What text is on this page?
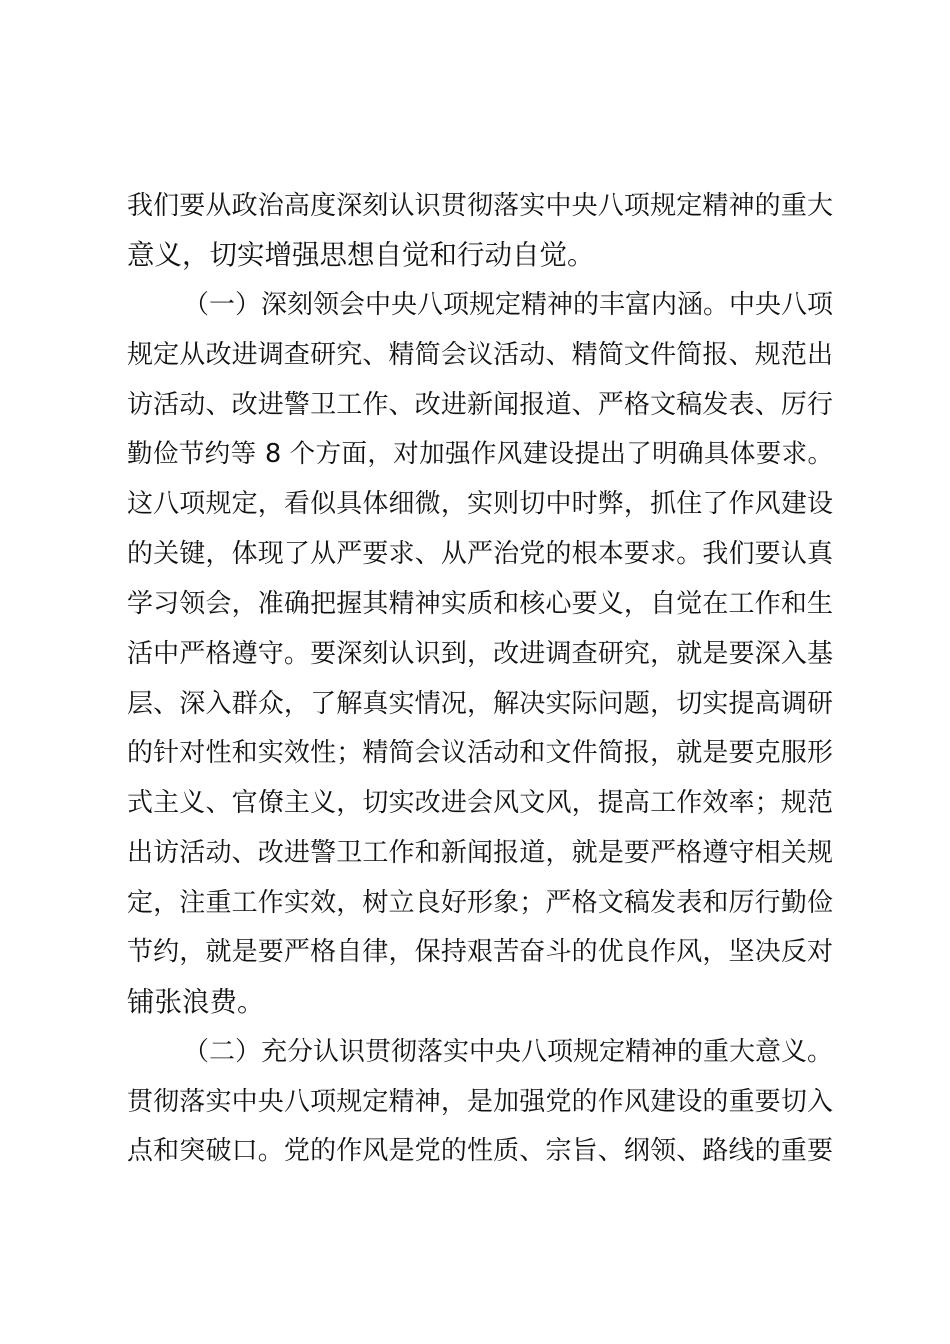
我们要从政治高度深刻认识贯彻落实中央八项规定精神的重大
意义，切实增强思想自觉和行动自觉。
（一）深刻领会中央八项规定精神的丰富内涵。中央八项
规定从改进调查研究、精简会议活动、精简文件简报、规范出
访活动、改进警卫工作、改进新闻报道、严格文稿发表、厉行
勤俭节约等 8 个方面，对加强作风建设提出了明确具体要求。
这八项规定，看似具体细微，实则切中时弊，抓住了作风建设
的关键，体现了从严要求、从严治党的根本要求。我们要认真
学习领会，准确把握其精神实质和核心要义，自觉在工作和生
活中严格遵守。要深刻认识到，改进调查研究，就是要深入基
层、深入群众，了解真实情况，解决实际问题，切实提高调研
的针对性和实效性；精简会议活动和文件简报，就是要克服形
式主义、官僚主义，切实改进会风文风，提高工作效率；规范
出访活动、改进警卫工作和新闻报道，就是要严格遵守相关规
定，注重工作实效，树立良好形象；严格文稿发表和厉行勤俭
节约，就是要严格自律，保持艰苦奋斗的优良作风，坚决反对
铺张浪费。
（二）充分认识贯彻落实中央八项规定精神的重大意义。
贯彻落实中央八项规定精神，是加强党的作风建设的重要切入
点和突破口。党的作风是党的性质、宗旨、纲领、路线的重要
